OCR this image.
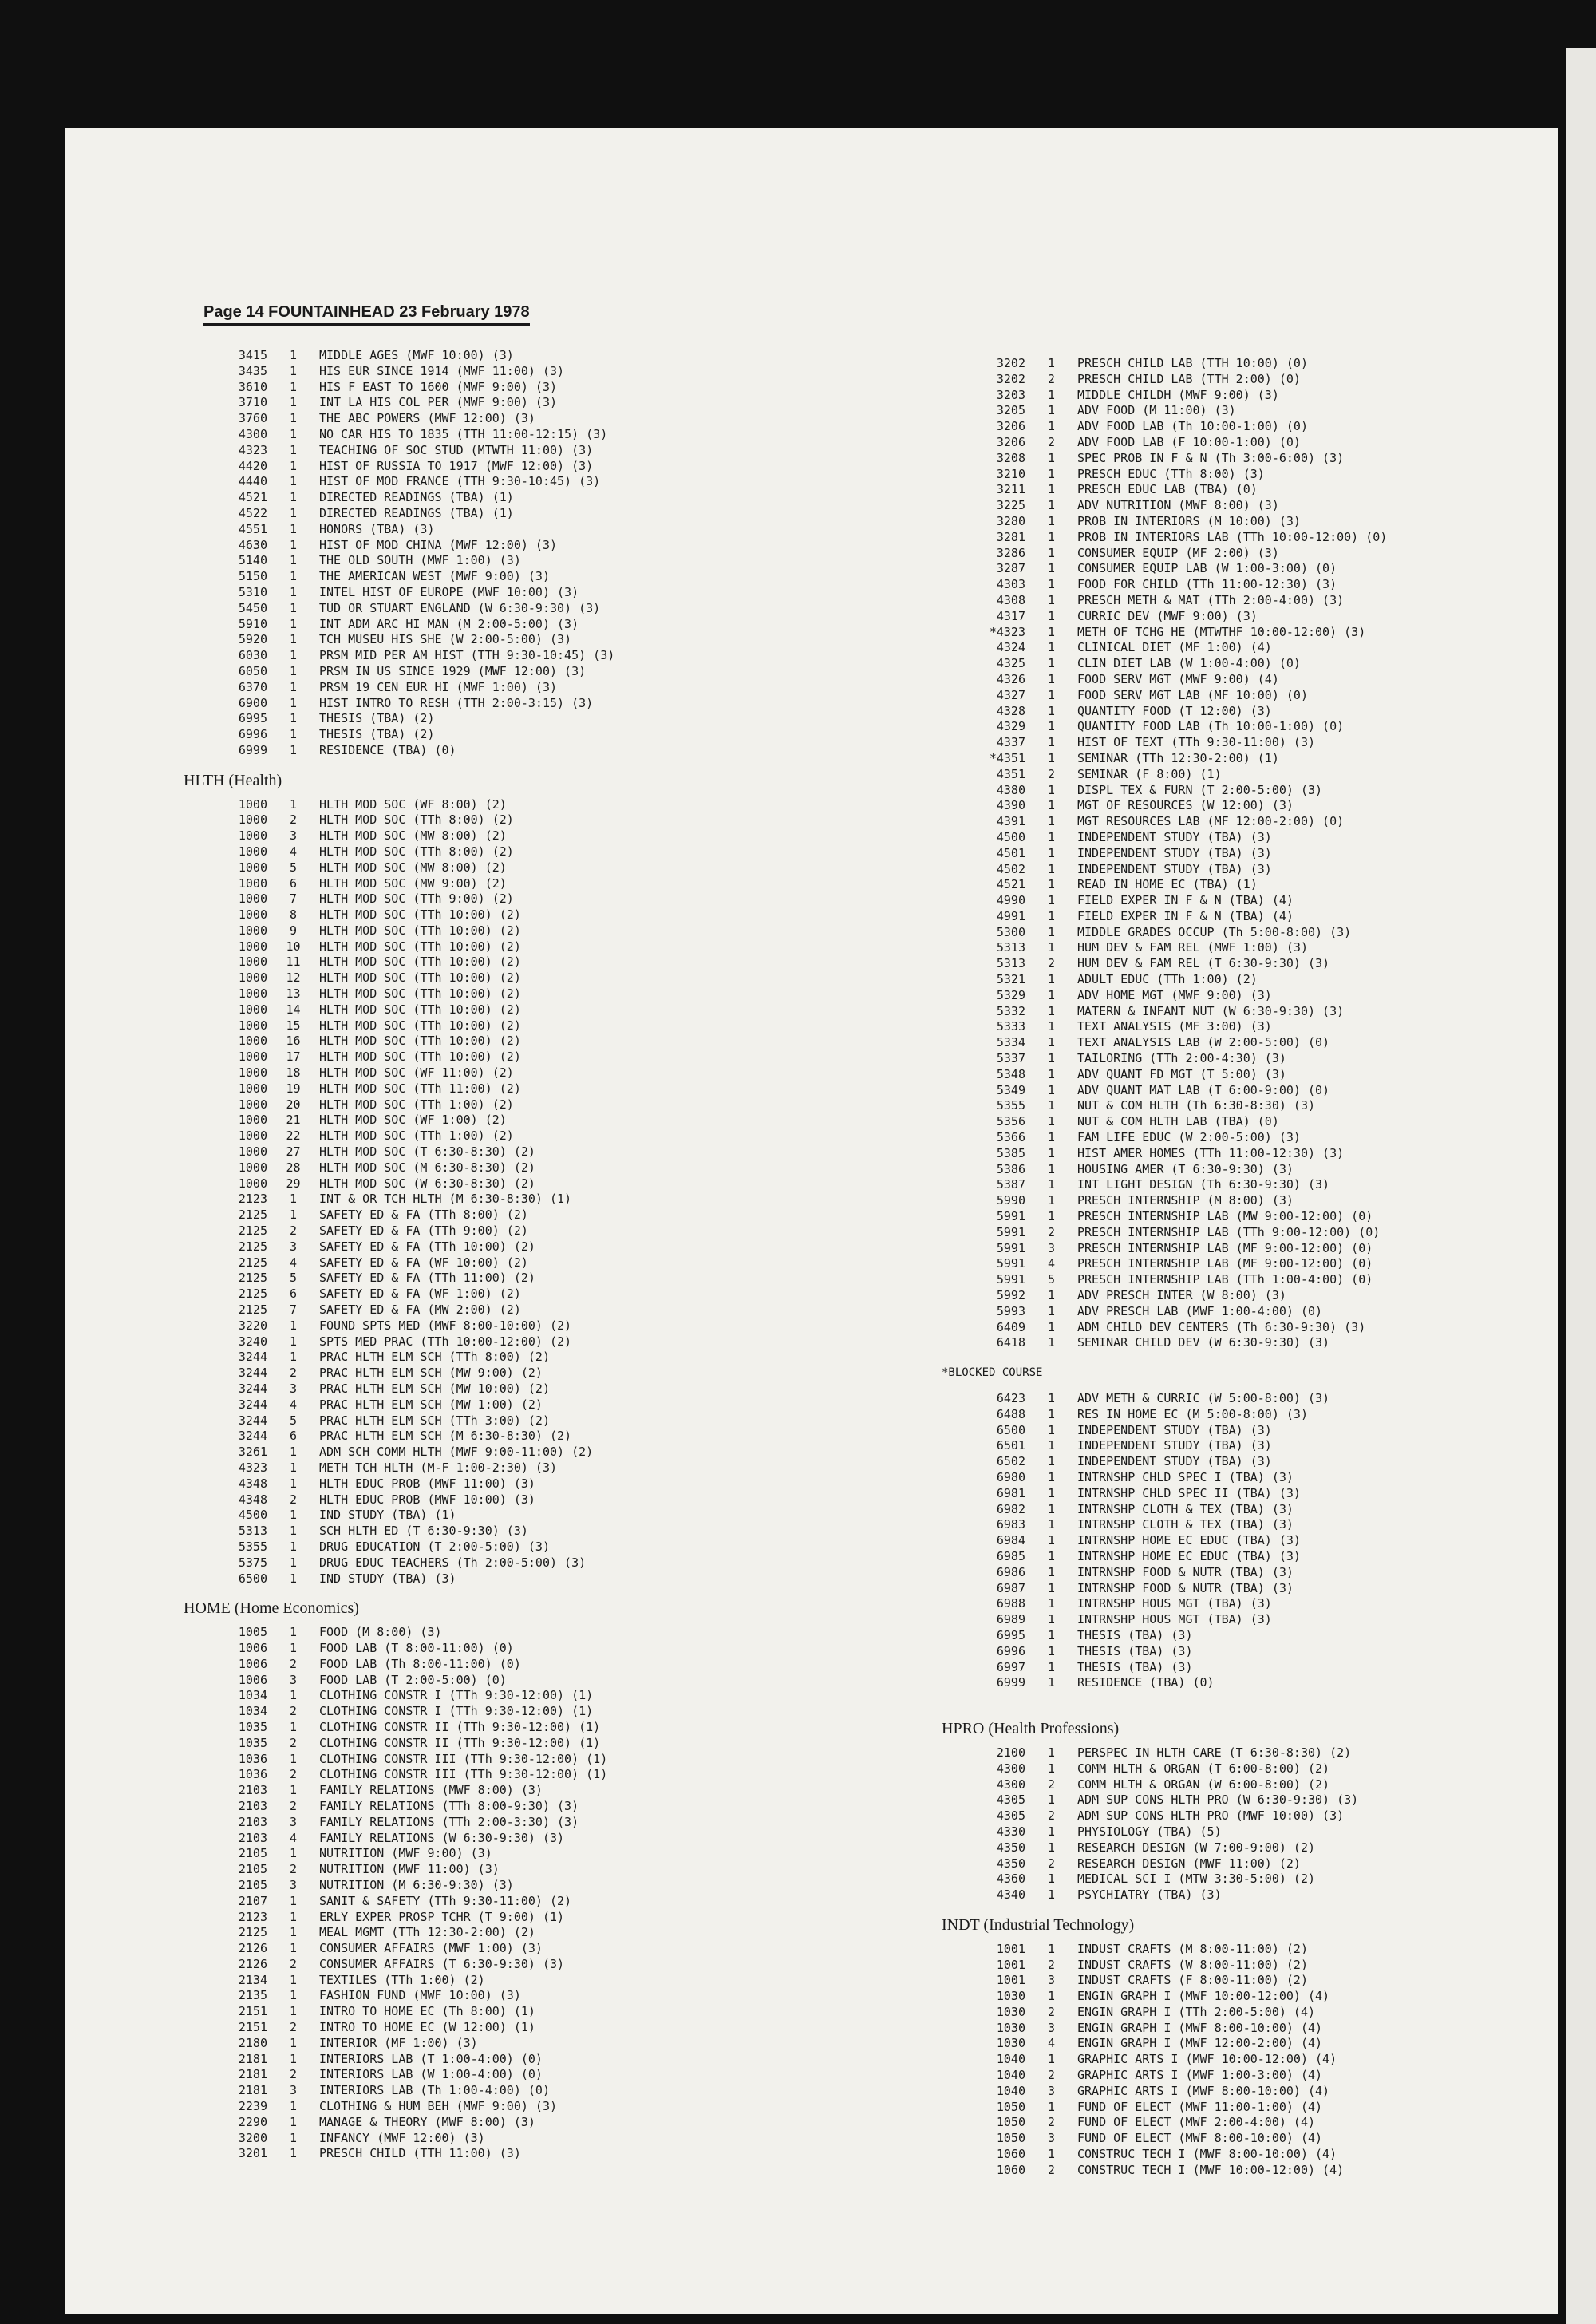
Page 14 FOUNTAINHEAD 23 February 1978
3415 1 MIDDLE AGES (MWF 10:00) (3)
3435 1 HIS EUR SINCE 1914 (MWF 11:00) (3)
3610 1 HIS F EAST TO 1600 (MWF 9:00) (3)
3710 1 INT LA HIS COL PER (MWF 9:00) (3)
3760 1 THE ABC POWERS (MWF 12:00) (3)
4300 1 NO CAR HIS TO 1835 (TTH 11:00-12:15) (3)
4323 1 TEACHING OF SOC STUD (MTWTH 11:00) (3)
4420 1 HIST OF RUSSIA TO 1917 (MWF 12:00) (3)
4440 1 HIST OF MOD FRANCE (TTH 9:30-10:45) (3)
4521 1 DIRECTED READINGS (TBA) (1)
4522 1 DIRECTED READINGS (TBA) (1)
4551 1 HONORS (TBA) (3)
4630 1 HIST OF MOD CHINA (MWF 12:00) (3)
5140 1 THE OLD SOUTH (MWF 1:00) (3)
5150 1 THE AMERICAN WEST (MWF 9:00) (3)
5310 1 INTEL HIST OF EUROPE (MWF 10:00) (3)
5450 1 TUD OR STUART ENGLAND (W 6:30-9:30) (3)
5910 1 INT ADM ARC HI MAN (M 2:00-5:00) (3)
5920 1 TCH MUSEU HIS SHE (W 2:00-5:00) (3)
6030 1 PRSM MID PER AM HIST (TTH 9:30-10:45) (3)
6050 1 PRSM IN US SINCE 1929 (MWF 12:00) (3)
6370 1 PRSM 19 CEN EUR HI (MWF 1:00) (3)
6900 1 HIST INTRO TO RESH (TTH 2:00-3:15) (3)
6995 1 THESIS (TBA) (2)
6996 1 THESIS (TBA) (2)
6999 1 RESIDENCE (TBA) (0)
HLTH (Health)
1000 1 HLTH MOD SOC (WF 8:00) (2)
1000 2 HLTH MOD SOC (TTh 8:00) (2)
1000 3 HLTH MOD SOC (MW 8:00) (2)
1000 4 HLTH MOD SOC (TTh 8:00) (2)
1000 5 HLTH MOD SOC (MW 8:00) (2)
1000 6 HLTH MOD SOC (MW 9:00) (2)
1000 7 HLTH MOD SOC (TTh 9:00) (2)
1000 8 HLTH MOD SOC (TTh 10:00) (2)
1000 9 HLTH MOD SOC (TTh 10:00) (2)
1000 10 HLTH MOD SOC (TTh 10:00) (2)
1000 11 HLTH MOD SOC (TTh 10:00) (2)
1000 12 HLTH MOD SOC (TTh 10:00) (2)
1000 13 HLTH MOD SOC (TTh 10:00) (2)
1000 14 HLTH MOD SOC (TTh 10:00) (2)
1000 15 HLTH MOD SOC (TTh 10:00) (2)
1000 16 HLTH MOD SOC (TTh 10:00) (2)
1000 17 HLTH MOD SOC (TTh 10:00) (2)
1000 18 HLTH MOD SOC (WF 11:00) (2)
1000 19 HLTH MOD SOC (TTh 11:00) (2)
1000 20 HLTH MOD SOC (TTh 1:00) (2)
1000 21 HLTH MOD SOC (WF 1:00) (2)
1000 22 HLTH MOD SOC (TTh 1:00) (2)
1000 27 HLTH MOD SOC (T 6:30-8:30) (2)
1000 28 HLTH MOD SOC (M 6:30-8:30) (2)
1000 29 HLTH MOD SOC (W 6:30-8:30) (2)
2123 1 INT & OR TCH HLTH (M 6:30-8:30) (1)
2125 1 SAFETY ED & FA (TTh 8:00) (2)
2125 2 SAFETY ED & FA (TTh 9:00) (2)
2125 3 SAFETY ED & FA (TTh 10:00) (2)
2125 4 SAFETY ED & FA (WF 10:00) (2)
2125 5 SAFETY ED & FA (TTh 11:00) (2)
2125 6 SAFETY ED & FA (WF 1:00) (2)
2125 7 SAFETY ED & FA (MW 2:00) (2)
3220 1 FOUND SPTS MED (MWF 8:00-10:00) (2)
3240 1 SPTS MED PRAC (TTh 10:00-12:00) (2)
3244 1 PRAC HLTH ELM SCH (TTh 8:00) (2)
3244 2 PRAC HLTH ELM SCH (MW 9:00) (2)
3244 3 PRAC HLTH ELM SCH (MW 10:00) (2)
3244 4 PRAC HLTH ELM SCH (MW 1:00) (2)
3244 5 PRAC HLTH ELM SCH (TTh 3:00) (2)
3244 6 PRAC HLTH ELM SCH (M 6:30-8:30) (2)
3261 1 ADM SCH COMM HLTH (MWF 9:00-11:00) (2)
4323 1 METH TCH HLTH (M-F 1:00-2:30) (3)
4348 1 HLTH EDUC PROB (MWF 11:00) (3)
4348 2 HLTH EDUC PROB (MWF 10:00) (3)
4500 1 IND STUDY (TBA) (1)
5313 1 SCH HLTH ED (T 6:30-9:30) (3)
5355 1 DRUG EDUCATION (T 2:00-5:00) (3)
5375 1 DRUG EDUC TEACHERS (Th 2:00-5:00) (3)
6500 1 IND STUDY (TBA) (3)
HOME (Home Economics)
1005 1 FOOD (M 8:00) (3)
1006 1 FOOD LAB (T 8:00-11:00) (0)
1006 2 FOOD LAB (Th 8:00-11:00) (0)
1006 3 FOOD LAB (T 2:00-5:00) (0)
1034 1 CLOTHING CONSTR I (TTh 9:30-12:00) (1)
1034 2 CLOTHING CONSTR I (TTh 9:30-12:00) (1)
1035 1 CLOTHING CONSTR II (TTh 9:30-12:00) (1)
1035 2 CLOTHING CONSTR II (TTh 9:30-12:00) (1)
1036 1 CLOTHING CONSTR III (TTh 9:30-12:00) (1)
1036 2 CLOTHING CONSTR III (TTh 9:30-12:00) (1)
2103 1 FAMILY RELATIONS (MWF 8:00) (3)
2103 2 FAMILY RELATIONS (TTh 8:00-9:30) (3)
2103 3 FAMILY RELATIONS (TTh 2:00-3:30) (3)
2103 4 FAMILY RELATIONS (W 6:30-9:30) (3)
2105 1 NUTRITION (MWF 9:00) (3)
2105 2 NUTRITION (MWF 11:00) (3)
2105 3 NUTRITION (M 6:30-9:30) (3)
2107 1 SANIT & SAFETY (TTh 9:30-11:00) (2)
2123 1 ERLY EXPER PROSP TCHR (T 9:00) (1)
2125 1 MEAL MGMT (TTh 12:30-2:00) (2)
2126 1 CONSUMER AFFAIRS (MWF 1:00) (3)
2126 2 CONSUMER AFFAIRS (T 6:30-9:30) (3)
2134 1 TEXTILES (TTh 1:00) (2)
2135 1 FASHION FUND (MWF 10:00) (3)
2151 1 INTRO TO HOME EC (Th 8:00) (1)
2151 2 INTRO TO HOME EC (W 12:00) (1)
2180 1 INTERIOR (MF 1:00) (3)
2181 1 INTERIORS LAB (T 1:00-4:00) (0)
2181 2 INTERIORS LAB (W 1:00-4:00) (0)
2181 3 INTERIORS LAB (Th 1:00-4:00) (0)
2239 1 CLOTHING & HUM BEH (MWF 9:00) (3)
2290 1 MANAGE & THEORY (MWF 8:00) (3)
3200 1 INFANCY (MWF 12:00) (3)
3201 1 PRESCH CHILD (TTH 11:00) (3)
3202 1 PRESCH CHILD LAB (TTH 10:00) (0)
3202 2 PRESCH CHILD LAB (TTH 2:00) (0)
3203 1 MIDDLE CHILDH (MWF 9:00) (3)
3205 1 ADV FOOD (M 11:00) (3)
3206 1 ADV FOOD LAB (Th 10:00-1:00) (0)
3206 2 ADV FOOD LAB (F 10:00-1:00) (0)
3208 1 SPEC PROB IN F & N (Th 3:00-6:00) (3)
3210 1 PRESCH EDUC (TTh 8:00) (3)
3211 1 PRESCH EDUC LAB (TBA) (0)
3225 1 ADV NUTRITION (MWF 8:00) (3)
3280 1 PROB IN INTERIORS (M 10:00) (3)
3281 1 PROB IN INTERIORS LAB (TTh 10:00-12:00) (0)
3286 1 CONSUMER EQUIP (MF 2:00) (3)
3287 1 CONSUMER EQUIP LAB (W 1:00-3:00) (0)
4303 1 FOOD FOR CHILD (TTh 11:00-12:30) (3)
4308 1 PRESCH METH & MAT (TTh 2:00-4:00) (3)
4317 1 CURRIC DEV (MWF 9:00) (3)
*4323 1 METH OF TCHG HE (MTWTHF 10:00-12:00) (3)
4324 1 CLINICAL DIET (MF 1:00) (4)
4325 1 CLIN DIET LAB (W 1:00-4:00) (0)
4326 1 FOOD SERV MGT (MWF 9:00) (4)
4327 1 FOOD SERV MGT LAB (MF 10:00) (0)
4328 1 QUANTITY FOOD (T 12:00) (3)
4329 1 QUANTITY FOOD LAB (Th 10:00-1:00) (0)
4337 1 HIST OF TEXT (TTh 9:30-11:00) (3)
*4351 1 SEMINAR (TTh 12:30-2:00) (1)
4351 2 SEMINAR (F 8:00) (1)
4380 1 DISPL TEX & FURN (T 2:00-5:00) (3)
4390 1 MGT OF RESOURCES (W 12:00) (3)
4391 1 MGT RESOURCES LAB (MF 12:00-2:00) (0)
4500 1 INDEPENDENT STUDY (TBA) (3)
4501 1 INDEPENDENT STUDY (TBA) (3)
4502 1 INDEPENDENT STUDY (TBA) (3)
4521 1 READ IN HOME EC (TBA) (1)
4990 1 FIELD EXPER IN F & N (TBA) (4)
4991 1 FIELD EXPER IN F & N (TBA) (4)
5300 1 MIDDLE GRADES OCCUP (Th 5:00-8:00) (3)
5313 1 HUM DEV & FAM REL (MWF 1:00) (3)
5313 2 HUM DEV & FAM REL (T 6:30-9:30) (3)
5321 1 ADULT EDUC (TTh 1:00) (2)
5329 1 ADV HOME MGT (MWF 9:00) (3)
5332 1 MATERN & INFANT NUT (W 6:30-9:30) (3)
5333 1 TEXT ANALYSIS (MF 3:00) (3)
5334 1 TEXT ANALYSIS LAB (W 2:00-5:00) (0)
5337 1 TAILORING (TTh 2:00-4:30) (3)
5348 1 ADV QUANT FD MGT (T 5:00) (3)
5349 1 ADV QUANT MAT LAB (T 6:00-9:00) (0)
5355 1 NUT & COM HLTH (Th 6:30-8:30) (3)
5356 1 NUT & COM HLTH LAB (TBA) (0)
5366 1 FAM LIFE EDUC (W 2:00-5:00) (3)
5385 1 HIST AMER HOMES (TTh 11:00-12:30) (3)
5386 1 HOUSING AMER (T 6:30-9:30) (3)
5387 1 INT LIGHT DESIGN (Th 6:30-9:30) (3)
5990 1 PRESCH INTERNSHIP (M 8:00) (3)
5991 1 PRESCH INTERNSHIP LAB (MW 9:00-12:00) (0)
5991 2 PRESCH INTERNSHIP LAB (TTh 9:00-12:00) (0)
5991 3 PRESCH INTERNSHIP LAB (MF 9:00-12:00) (0)
5991 4 PRESCH INTERNSHIP LAB (MF 9:00-12:00) (0)
5991 5 PRESCH INTERNSHIP LAB (TTh 1:00-4:00) (0)
5992 1 ADV PRESCH INTER (W 8:00) (3)
5993 1 ADV PRESCH LAB (MWF 1:00-4:00) (0)
6409 1 ADM CHILD DEV CENTERS (Th 6:30-9:30) (3)
6418 1 SEMINAR CHILD DEV (W 6:30-9:30) (3)
*BLOCKED COURSE
6423 1 ADV METH & CURRIC (W 5:00-8:00) (3)
6488 1 RES IN HOME EC (M 5:00-8:00) (3)
6500 1 INDEPENDENT STUDY (TBA) (3)
6501 1 INDEPENDENT STUDY (TBA) (3)
6502 1 INDEPENDENT STUDY (TBA) (3)
6980 1 INTRNSHP CHLD SPEC I (TBA) (3)
6981 1 INTRNSHP CHLD SPEC II (TBA) (3)
6982 1 INTRNSHP CLOTH & TEX (TBA) (3)
6983 1 INTRNSHP CLOTH & TEX (TBA) (3)
6984 1 INTRNSHP HOME EC EDUC (TBA) (3)
6985 1 INTRNSHP HOME EC EDUC (TBA) (3)
6986 1 INTRNSHP FOOD & NUTR (TBA) (3)
6987 1 INTRNSHP FOOD & NUTR (TBA) (3)
6988 1 INTRNSHP HOUS MGT (TBA) (3)
6989 1 INTRNSHP HOUS MGT (TBA) (3)
6995 1 THESIS (TBA) (3)
6996 1 THESIS (TBA) (3)
6997 1 THESIS (TBA) (3)
6999 1 RESIDENCE (TBA) (0)
HPRO (Health Professions)
2100 1 PERSPEC IN HLTH CARE (T 6:30-8:30) (2)
4300 1 COMM HLTH & ORGAN (T 6:00-8:00) (2)
4300 2 COMM HLTH & ORGAN (W 6:00-8:00) (2)
4305 1 ADM SUP CONS HLTH PRO (W 6:30-9:30) (3)
4305 2 ADM SUP CONS HLTH PRO (MWF 10:00) (3)
4330 1 PHYSIOLOGY (TBA) (5)
4350 1 RESEARCH DESIGN (W 7:00-9:00) (2)
4350 2 RESEARCH DESIGN (MWF 11:00) (2)
4360 1 MEDICAL SCI I (MTW 3:30-5:00) (2)
4340 1 PSYCHIATRY (TBA) (3)
INDT (Industrial Technology)
1001 1 INDUST CRAFTS (M 8:00-11:00) (2)
1001 2 INDUST CRAFTS (W 8:00-11:00) (2)
1001 3 INDUST CRAFTS (F 8:00-11:00) (2)
1030 1 ENGIN GRAPH I (MWF 10:00-12:00) (4)
1030 2 ENGIN GRAPH I (TTh 2:00-5:00) (4)
1030 3 ENGIN GRAPH I (MWF 8:00-10:00) (4)
1030 4 ENGIN GRAPH I (MWF 12:00-2:00) (4)
1040 1 GRAPHIC ARTS I (MWF 10:00-12:00) (4)
1040 2 GRAPHIC ARTS I (MWF 1:00-3:00) (4)
1040 3 GRAPHIC ARTS I (MWF 8:00-10:00) (4)
1050 1 FUND OF ELECT (MWF 11:00-1:00) (4)
1050 2 FUND OF ELECT (MWF 2:00-4:00) (4)
1050 3 FUND OF ELECT (MWF 8:00-10:00) (4)
1060 1 CONSTRUC TECH I (MWF 8:00-10:00) (4)
1060 2 CONSTRUC TECH I (MWF 10:00-12:00) (4)
